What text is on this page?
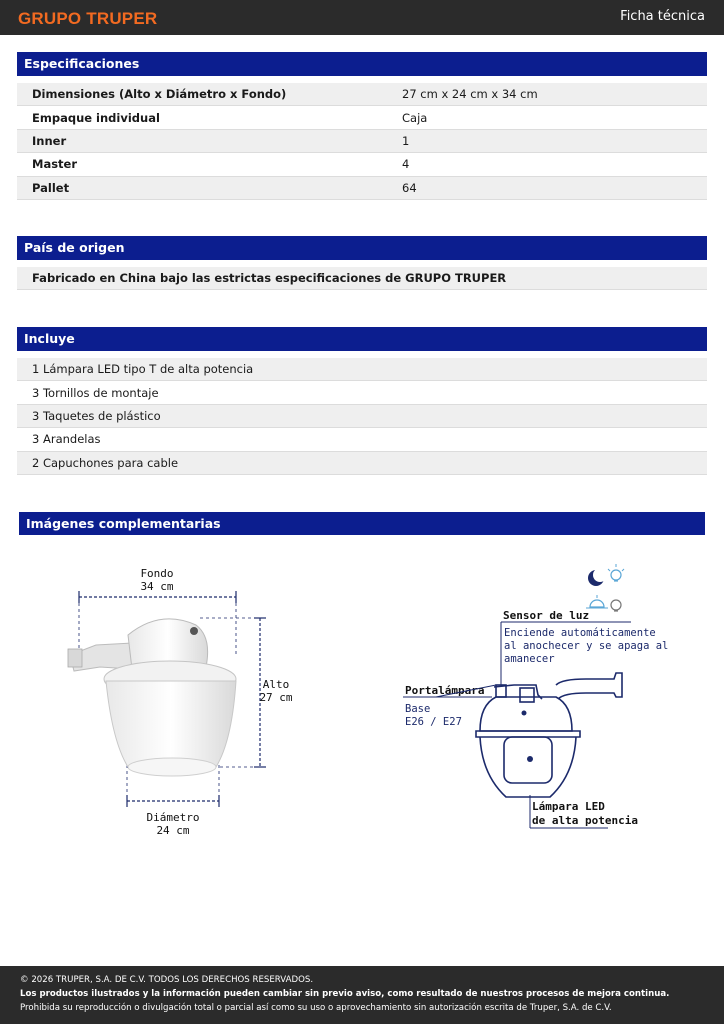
GRUPO TRUPER	Ficha técnica
Especificaciones
Dimensiones (Alto x Diámetro x Fondo)	27 cm x 24 cm x 34 cm
Empaque individual	Caja
Inner	1
Master	4
Pallet	64
País de origen
Fabricado en China bajo las estrictas especificaciones de GRUPO TRUPER
Incluye
1 Lámpara LED tipo T de alta potencia
3 Tornillos de montaje
3 Taquetes de plástico
3 Arandelas
2 Capuchones para cable
Imágenes complementarias
Fondo
34 cm
Alto
27 cm
Diámetro
24 cm
Sensor de luz
Enciende automáticamente
al anochecer y se apaga al
amanecer
Portalámpara
Base
E26 / E27
Lámpara LED
de alta potencia
© 2026 TRUPER, S.A. DE C.V. TODOS LOS DERECHOS RESERVADOS.
Los productos ilustrados y la información pueden cambiar sin previo aviso, como resultado de nuestros procesos de mejora continua.
Prohibida su reproducción o divulgación total o parcial así como su uso o aprovechamiento sin autorización escrita de Truper, S.A. de C.V.
